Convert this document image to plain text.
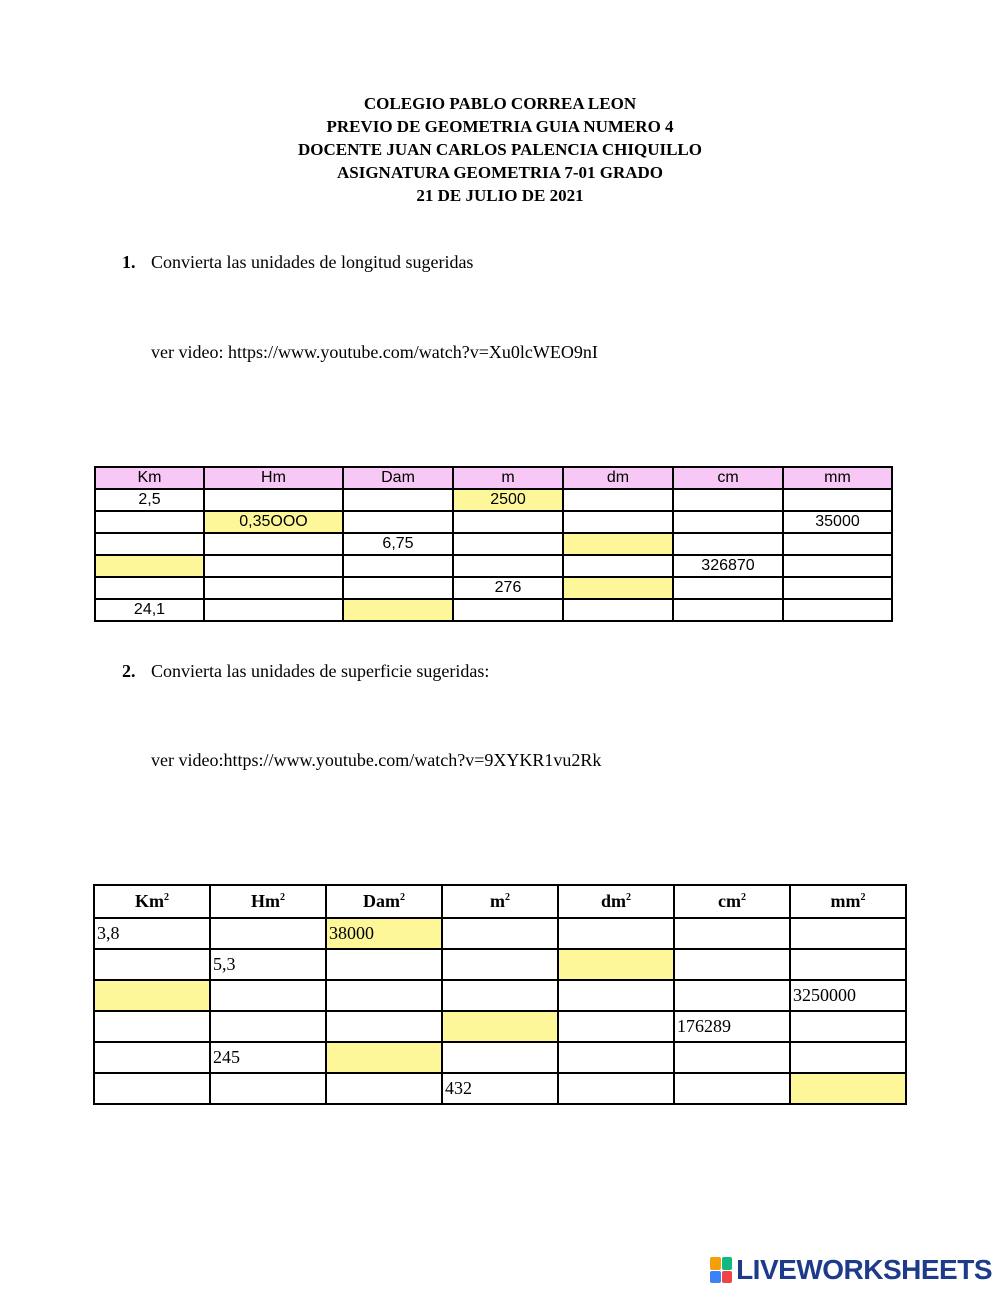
COLEGIO PABLO CORREA LEON
PREVIO DE GEOMETRIA GUIA NUMERO 4
DOCENTE JUAN CARLOS PALENCIA CHIQUILLO
ASIGNATURA GEOMETRIA 7-01 GRADO
21 DE JULIO DE 2021
1. Convierta las unidades de longitud sugeridas
ver video: https://www.youtube.com/watch?v=Xu0lcWEO9nI
Km	Hm	Dam	m	dm	cm	mm
2,5			2500			
	0,35OOO					35000
		6,75				
					326870	
			276			
24,1						
2. Convierta las unidades de superficie sugeridas:
ver video:https://www.youtube.com/watch?v=9XYKR1vu2Rk
Km$^2$	Hm$^2$	Dam$^2$	$m^2$	$dm^2$	$cm^2$	$mm^2$
3,8		38000				
	5,3					
						3250000
					176289	
	245					
			432			
LIVEWORKSHEETS
